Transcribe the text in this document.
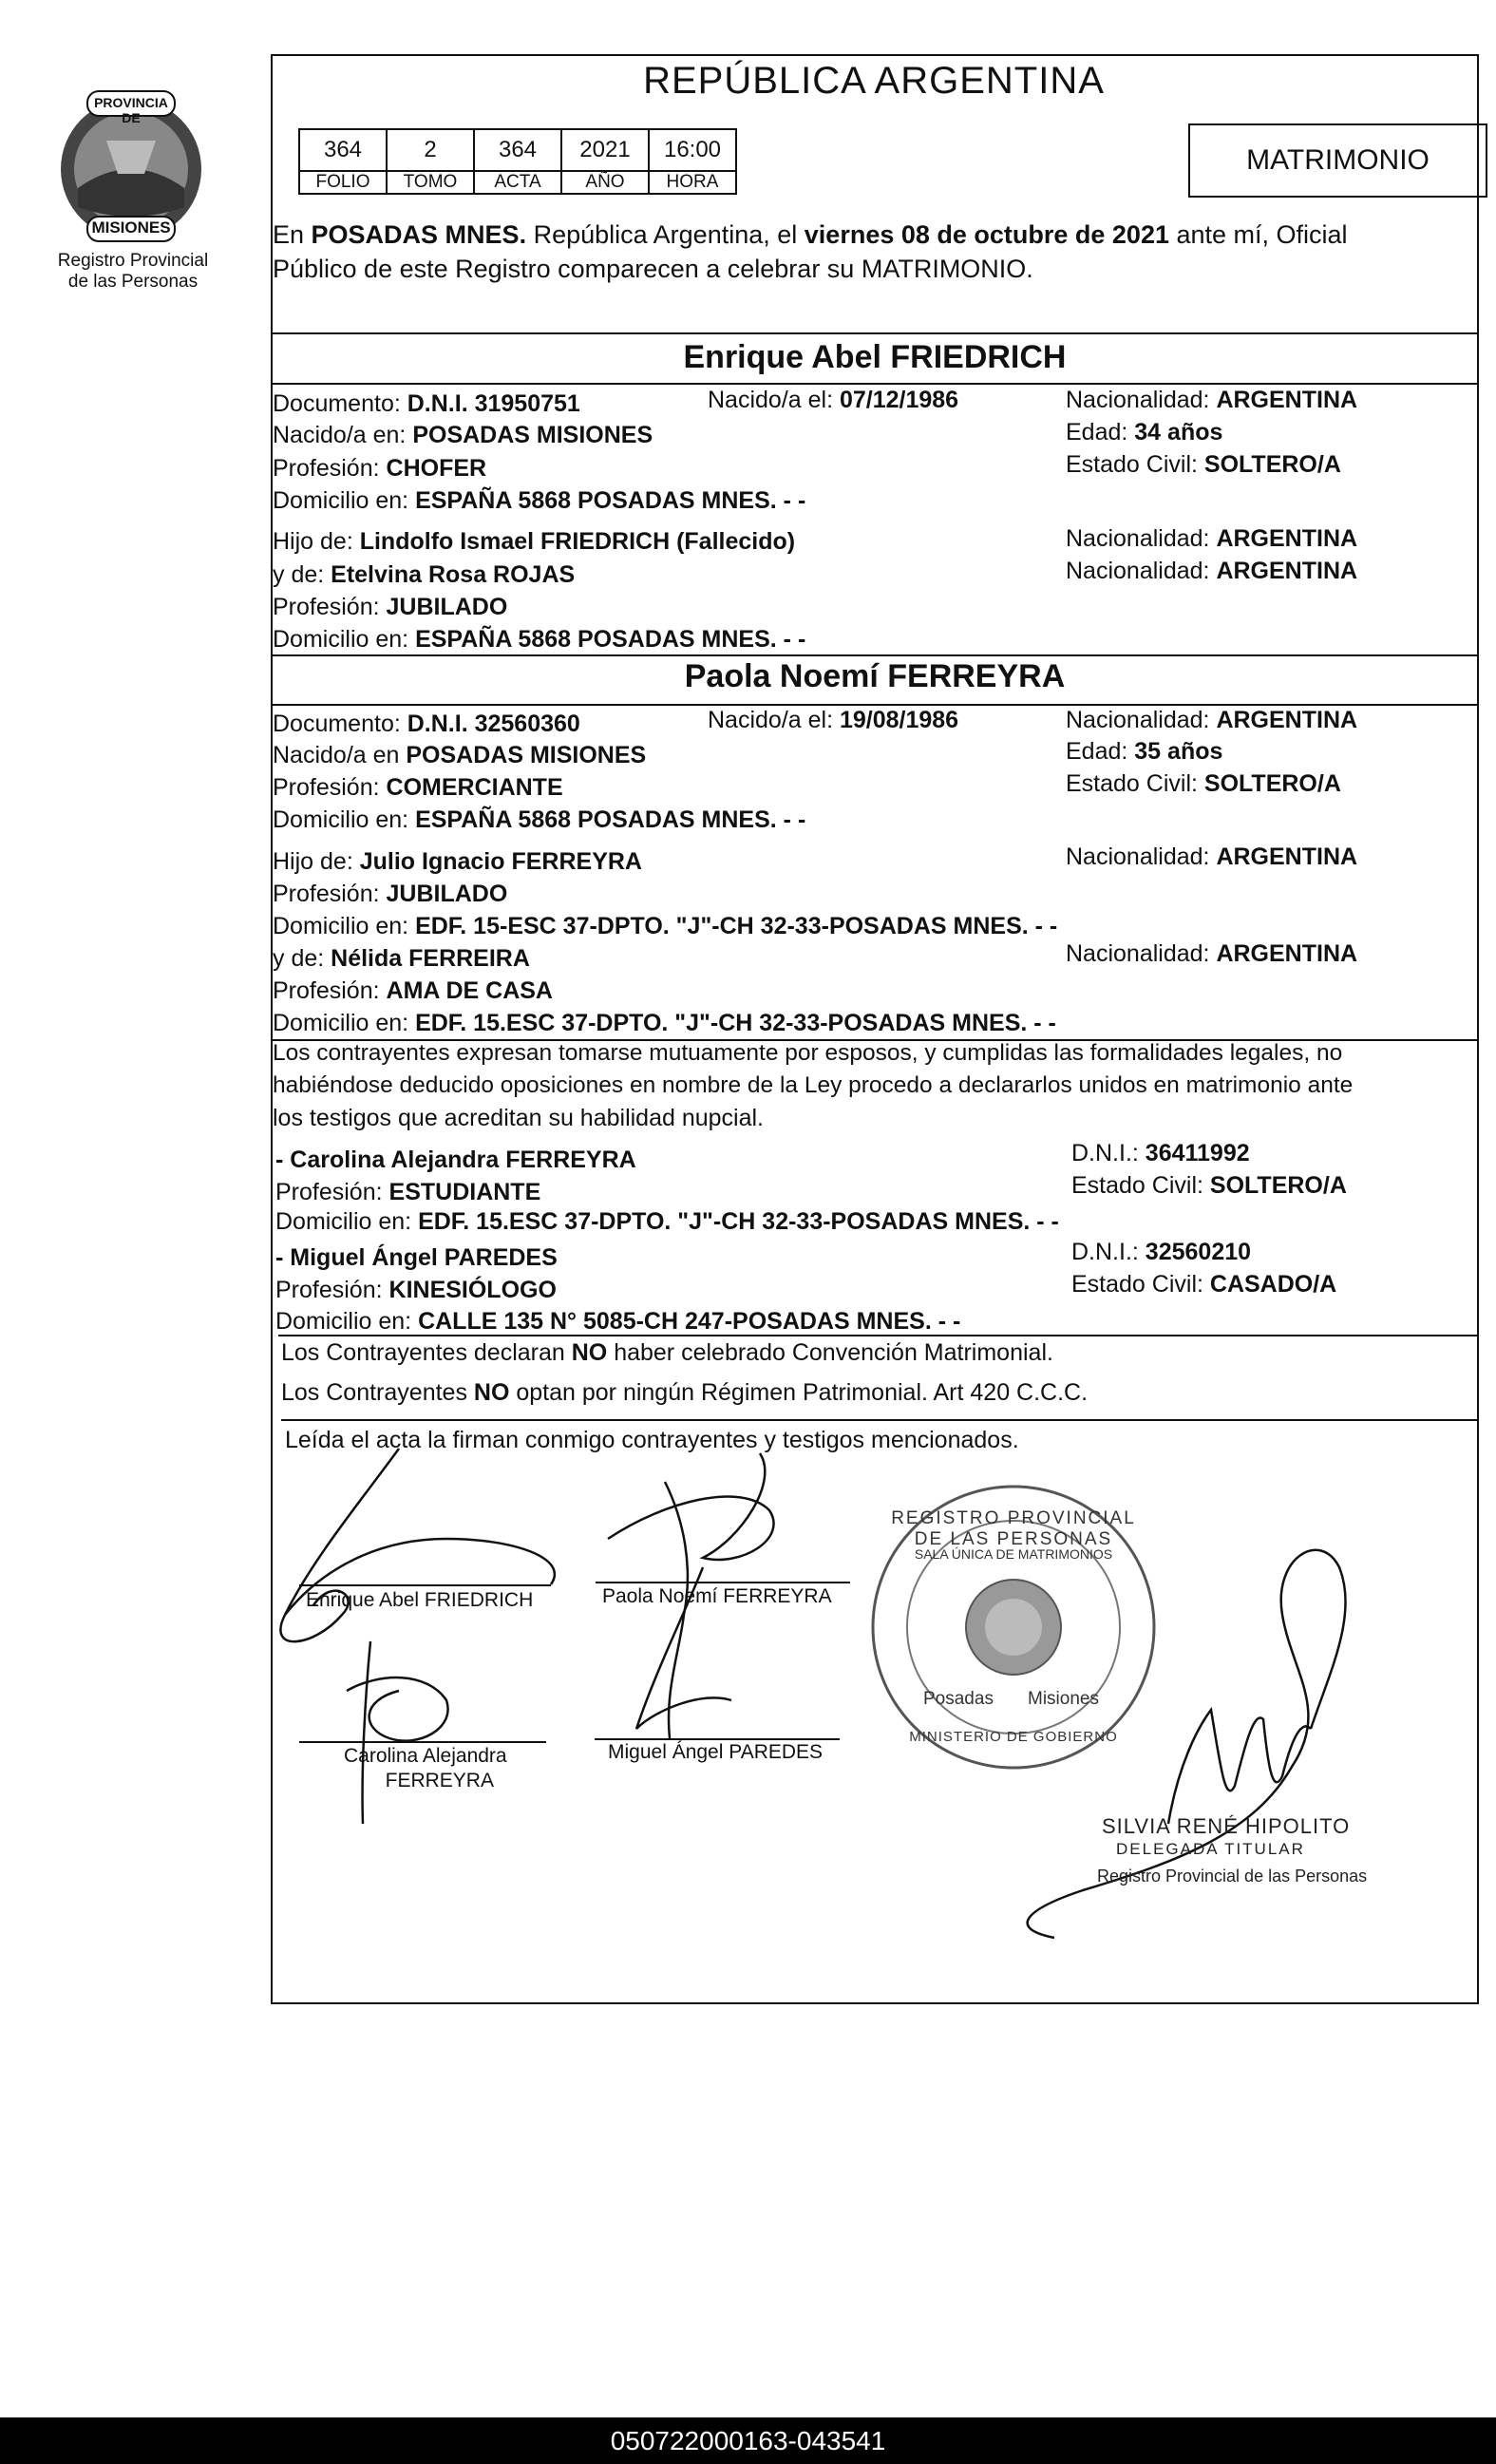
PROVINCIA DE
MISIONES
Registro Provincial
de las Personas
REPÚBLICA ARGENTINA
364	2	364	2021	16:00
FOLIO	TOMO	ACTA	AÑO	HORA
MATRIMONIO
En POSADAS MNES. República Argentina, el viernes 08 de octubre de 2021 ante mí, Oficial
Público de este Registro comparecen a celebrar su MATRIMONIO.
Enrique Abel FRIEDRICH
Documento: D.N.I. 31950751	Nacido/a el: 07/12/1986	Nacionalidad: ARGENTINA
Nacido/a en: POSADAS MISIONES	Edad: 34 años
Profesión: CHOFER	Estado Civil: SOLTERO/A
Domicilio en: ESPAÑA 5868 POSADAS MNES. - -
Hijo de: Lindolfo Ismael FRIEDRICH (Fallecido)	Nacionalidad: ARGENTINA
y de: Etelvina Rosa ROJAS	Nacionalidad: ARGENTINA
Profesión: JUBILADO
Domicilio en: ESPAÑA 5868 POSADAS MNES. - -
Paola Noemí FERREYRA
Documento: D.N.I. 32560360	Nacido/a el: 19/08/1986	Nacionalidad: ARGENTINA
Nacido/a en POSADAS MISIONES	Edad: 35 años
Profesión: COMERCIANTE	Estado Civil: SOLTERO/A
Domicilio en: ESPAÑA 5868 POSADAS MNES. - -
Hijo de: Julio Ignacio FERREYRA	Nacionalidad: ARGENTINA
Profesión: JUBILADO
Domicilio en: EDF. 15-ESC 37-DPTO. "J"-CH 32-33-POSADAS MNES. - -
y de: Nélida FERREIRA	Nacionalidad: ARGENTINA
Profesión: AMA DE CASA
Domicilio en: EDF. 15.ESC 37-DPTO. "J"-CH 32-33-POSADAS MNES. - -
Los contrayentes expresan tomarse mutuamente por esposos, y cumplidas las formalidades legales, no
habiéndose deducido oposiciones en nombre de la Ley procedo a declararlos unidos en matrimonio ante
los testigos que acreditan su habilidad nupcial.
- Carolina Alejandra FERREYRA	D.N.I.: 36411992
Profesión: ESTUDIANTE	Estado Civil: SOLTERO/A
Domicilio en: EDF. 15.ESC 37-DPTO. "J"-CH 32-33-POSADAS MNES. - -
- Miguel Ángel PAREDES	D.N.I.: 32560210
Profesión: KINESIÓLOGO	Estado Civil: CASADO/A
Domicilio en: CALLE 135 N° 5085-CH 247-POSADAS MNES. - -
Los Contrayentes declaran NO haber celebrado Convención Matrimonial.
Los Contrayentes NO optan por ningún Régimen Patrimonial. Art 420 C.C.C.
Leída el acta la firman conmigo contrayentes y testigos mencionados.
Enrique Abel FRIEDRICH	Paola Noemí FERREYRA
Carolina Alejandra
FERREYRA
Miguel Ángel PAREDES
REGISTRO PROVINCIAL DE LAS PERSONAS
SALA ÚNICA DE MATRIMONIOS
Posadas Misiones
MINISTERIO DE GOBIERNO
SILVIA RENÉ HIPOLITO
DELEGADA TITULAR
Registro Provincial de las Personas
050722000163-043541
